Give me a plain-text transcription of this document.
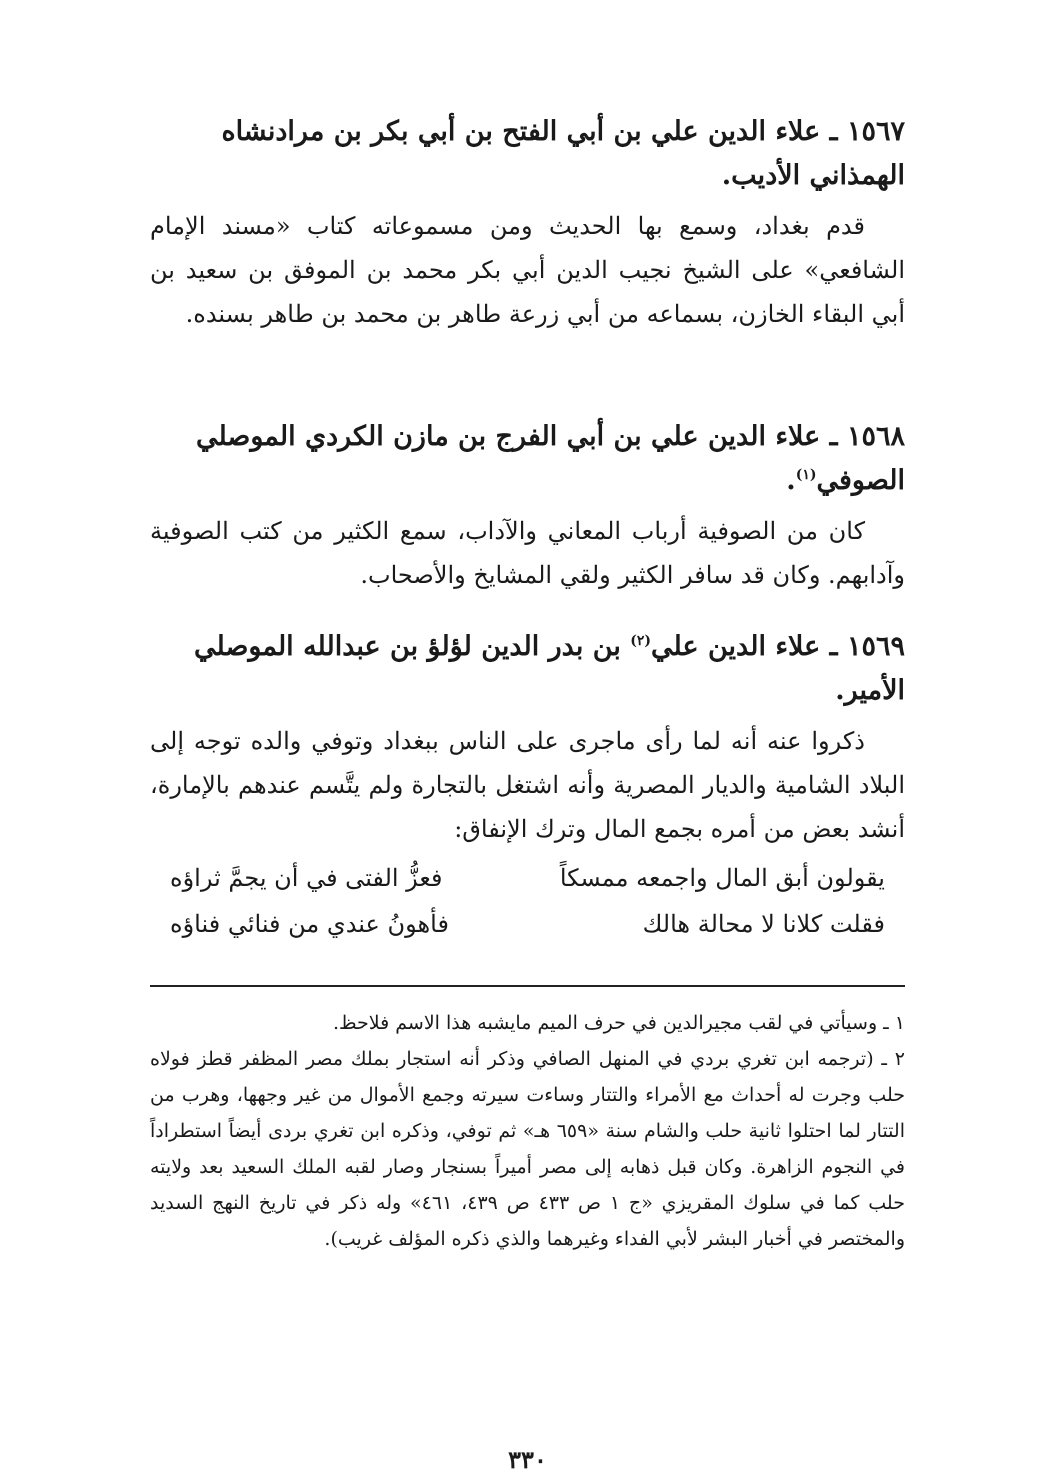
١٥٦٧ ـ علاء الدين علي بن أبي الفتح بن أبي بكر بن مرادنشاه الهمذاني الأديب.

قدم بغداد، وسمع بها الحديث ومن مسموعاته كتاب «مسند الإمام الشافعي» على الشيخ نجيب الدين أبي بكر محمد بن الموفق بن سعيد بن أبي البقاء الخازن، بسماعه من أبي زرعة طاهر بن محمد بن طاهر بسنده.

١٥٦٨ ـ علاء الدين علي بن أبي الفرج بن مازن الكردي الموصلي الصوفي$^{(١)}$.

كان من الصوفية أرباب المعاني والآداب، سمع الكثير من كتب الصوفية وآدابهم. وكان قد سافر الكثير ولقي المشايخ والأصحاب.

١٥٦٩ ـ علاء الدين علي$^{(٢)}$ بن بدر الدين لؤلؤ بن عبدالله الموصلي الأمير.

ذكروا عنه أنه لما رأى ماجرى على الناس ببغداد وتوفي والده توجه إلى البلاد الشامية والديار المصرية وأنه اشتغل بالتجارة ولم يتَّسم عندهم بالإمارة، أنشد بعض من أمره بجمع المال وترك الإنفاق:

يقولون أبق المال واجمعه ممسكاً
فعزُّ الفتى في أن يجمَّ ثراؤه
فقلت كلانا لا محالة هالك
فأهونُ عندي من فنائي فناؤه

١ ـ وسيأتي في لقب مجيرالدين في حرف الميم مايشبه هذا الاسم فلاحظ.

٢ ـ (ترجمه ابن تغري بردي في المنهل الصافي وذكر أنه استجار بملك مصر المظفر قطز فولاه حلب وجرت له أحداث مع الأمراء والتتار وساءت سيرته وجمع الأموال من غير وجهها، وهرب من التتار لما احتلوا ثانية حلب والشام سنة «٦٥٩ هـ» ثم توفي، وذكره ابن تغري بردى أيضاً استطراداً في النجوم الزاهرة. وكان قبل ذهابه إلى مصر أميراً بسنجار وصار لقبه الملك السعيد بعد ولايته حلب كما في سلوك المقريزي «ج ١ ص ٤٣٣ ص ٤٣٩، ٤٦١» وله ذكر في تاريخ النهج السديد والمختصر في أخبار البشر لأبي الفداء وغيرهما والذي ذكره المؤلف غريب).

٣٣٠
